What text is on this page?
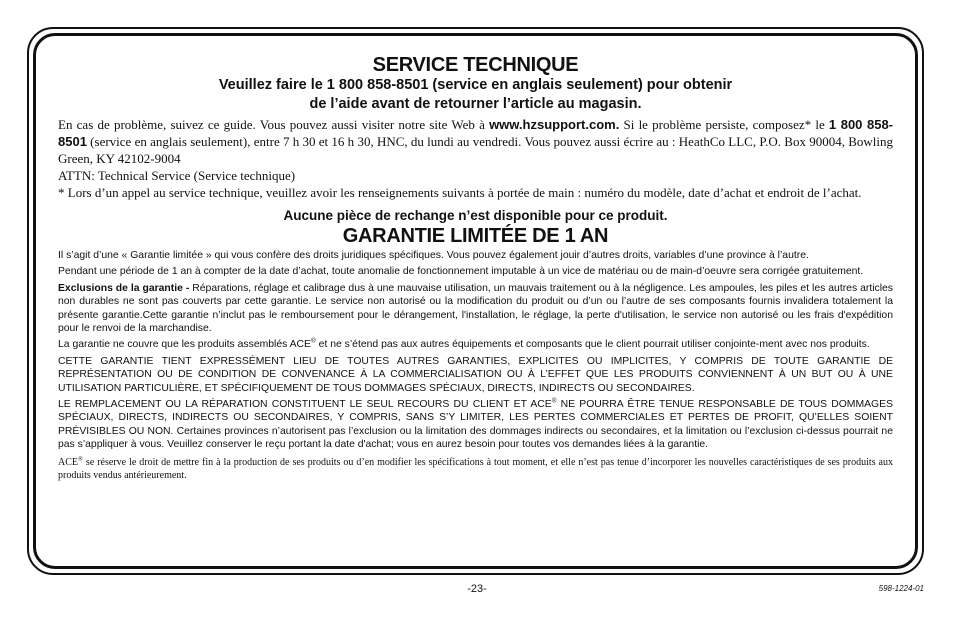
SERVICE TECHNIQUE

Veuillez faire le 1 800 858-8501 (service en anglais seulement) pour obtenir

de l’aide avant de retourner l’article au magasin.

En cas de problème, suivez ce guide. Vous pouvez aussi visiter notre site Web à www.hzsupport.com. Si le problème persiste, composez* le 1 800 858-8501 (service en anglais seulement), entre 7 h 30 et 16 h 30, HNC, du lundi au vendredi. Vous pouvez aussi écrire au : HeathCo LLC, P.O. Box 90004, Bowling Green, KY 42102-9004

ATTN: Technical Service (Service technique)

* Lors d’un appel au service technique, veuillez avoir les renseignements suivants à portée de main : numéro du modèle, date d’achat et endroit de l’achat.

Aucune pièce de rechange n’est disponible pour ce produit.

GARANTIE LIMITÉE DE 1 AN

Il s’agit d’une « Garantie limitée » qui vous confère des droits juridiques spécifiques. Vous pouvez également jouir d’autres droits, variables d’une province à l’autre.

Pendant une période de 1 an à compter de la date d’achat, toute anomalie de fonctionnement imputable à un vice de matériau ou de main-d’oeuvre sera corrigée gratuitement.

Exclusions de la garantie - Réparations, réglage et calibrage dus à une mauvaise utilisation, un mauvais traitement ou à la négligence. Les ampoules, les piles et les autres articles non durables ne sont pas couverts par cette garantie. Le service non autorisé ou la modification du produit ou d’un ou l’autre de ses composants fournis invalidera totalement la présente garantie.Cette garantie n’inclut pas le remboursement pour le dérangement, l'installation, le réglage, la perte d'utilisation, le service non autorisé ou les frais d'expédition pour le renvoi de la marchandise.

La garantie ne couvre que les produits assemblés ACE® et ne s’étend pas aux autres équipements et composants que le client pourrait utiliser conjointe-ment avec nos produits.

CETTE GARANTIE TIENT EXPRESSÉMENT LIEU DE TOUTES AUTRES GARANTIES, EXPLICITES OU IMPLICITES, Y COMPRIS DE TOUTE GARANTIE DE REPRÉSENTATION OU DE CONDITION DE CONVENANCE À LA COMMERCIALISATION OU À L’EFFET QUE LES PRODUITS CONVIENNENT À UN BUT OU À UNE UTILISATION PARTICULIÈRE, ET SPÉCIFIQUEMENT DE TOUS DOMMAGES SPÉCIAUX, DIRECTS, INDIRECTS OU SECONDAIRES.

LE REMPLACEMENT OU LA RÉPARATION CONSTITUENT LE SEUL RECOURS DU CLIENT ET ACE® NE POURRA ÊTRE TENUE RESPONSABLE DE TOUS DOMMAGES SPÉCIAUX, DIRECTS, INDIRECTS OU SECONDAIRES, Y COMPRIS, SANS S’Y LIMITER, LES PERTES COMMERCIALES ET PERTES DE PROFIT, QU’ELLES SOIENT PRÉVISIBLES OU NON. Certaines provinces n’autorisent pas l’exclusion ou la limitation des dommages indirects ou secondaires, et la limitation ou l’exclusion ci-dessus pourrait ne pas s’appliquer à vous. Veuillez conserver le reçu portant la date d'achat; vous en aurez besoin pour toutes vos demandes liées à la garantie.

ACE® se réserve le droit de mettre fin à la production de ses produits ou d’en modifier les spécifications à tout moment, et elle n’est pas tenue d’incorporer les nouvelles caractéristiques de ses produits aux produits vendus antérieurement.

-23-	598-1224-01
